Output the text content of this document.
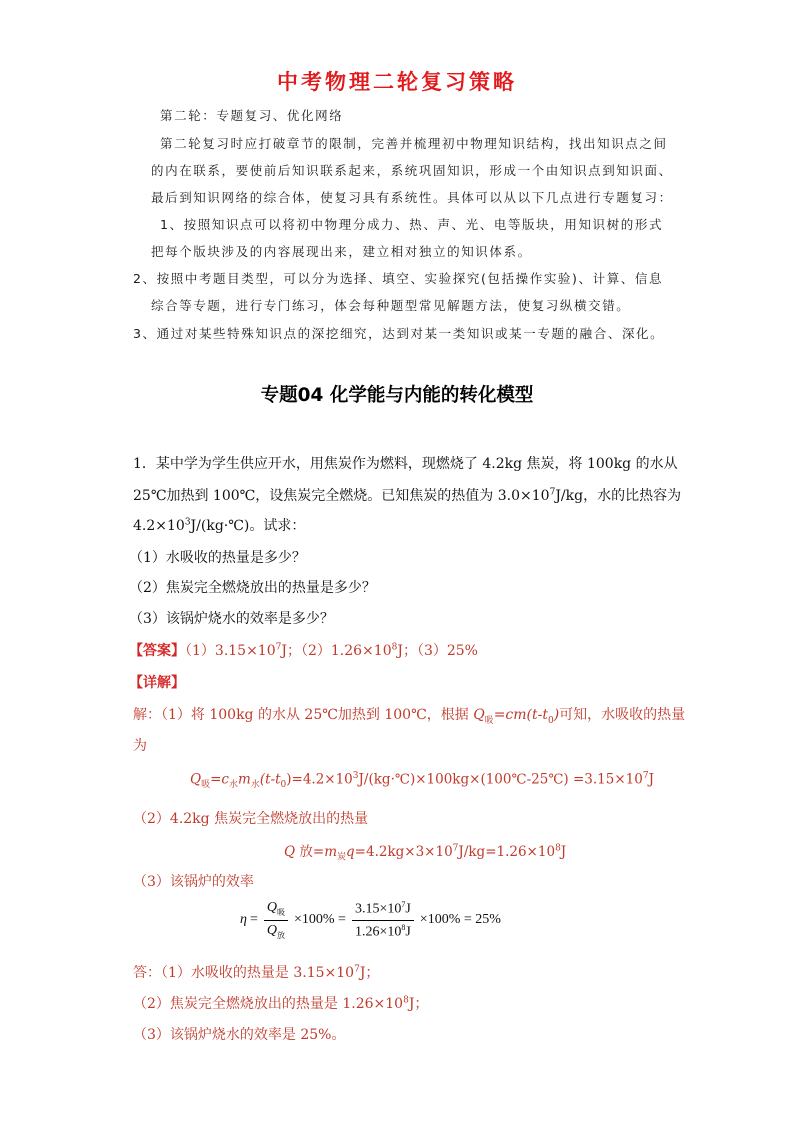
中考物理二轮复习策略
第二轮：专题复习、优化网络
第二轮复习时应打破章节的限制，完善并梳理初中物理知识结构，找出知识点之间
的内在联系，要使前后知识联系起来，系统巩固知识，形成一个由知识点到知识面、
最后到知识网络的综合体，使复习具有系统性。具体可以从以下几点进行专题复习：
1、按照知识点可以将初中物理分成力、热、声、光、电等版块，用知识树的形式
把每个版块涉及的内容展现出来，建立相对独立的知识体系。
2、按照中考题目类型，可以分为选择、填空、实验探究(包括操作实验)、计算、信息
综合等专题，进行专门练习，体会每种题型常见解题方法，使复习纵横交错。
3、通过对某些特殊知识点的深挖细究，达到对某一类知识或某一专题的融合、深化。
专题04 化学能与内能的转化模型
1．某中学为学生供应开水，用焦炭作为燃料，现燃烧了 4.2kg 焦炭，将 100kg 的水从
25℃加热到 100℃，设焦炭完全燃烧。已知焦炭的热值为 $3.0\times 10^7J/kg$，水的比热容为
$4.2\times 10^3J/(kg\cdot℃)$。试求：
（1）水吸收的热量是多少？
（2）焦炭完全燃烧放出的热量是多少？
（3）该锅炉烧水的效率是多少？
【答案】$(1)3.15\times 10^7J$；$(2)1.26\times 10^8J$；（3）25%
【详解】
解：（1）将 100kg 的水从 25℃加热到 100℃，根据 $Q_吸=cm(t-t_0)$可知，水吸收的热量
为
$Q_吸=c_水m_水(t-t_0)=4.2\times 10^3J/(kg\cdot℃)\times 100kg\times(100℃-25℃) =3.15\times 10^7J$
（2）4.2kg 焦炭完全燃烧放出的热量
Q 放$=m_炭q=4.2kg\times 3\times 10^7J/kg=1.26\times 10^8J$
（3）该锅炉的效率
$\eta = \frac{Q_吸}{Q_放} \times 100\% = \frac{3.15\times 10^7J}{1.26\times 10^8J} \times 100\% = 25\%$
答：（1）水吸收的热量是 $3.15\times 10^7J$；
（2）焦炭完全燃烧放出的热量是 $1.26\times 10^8J$；
（3）该锅炉烧水的效率是 25%。
